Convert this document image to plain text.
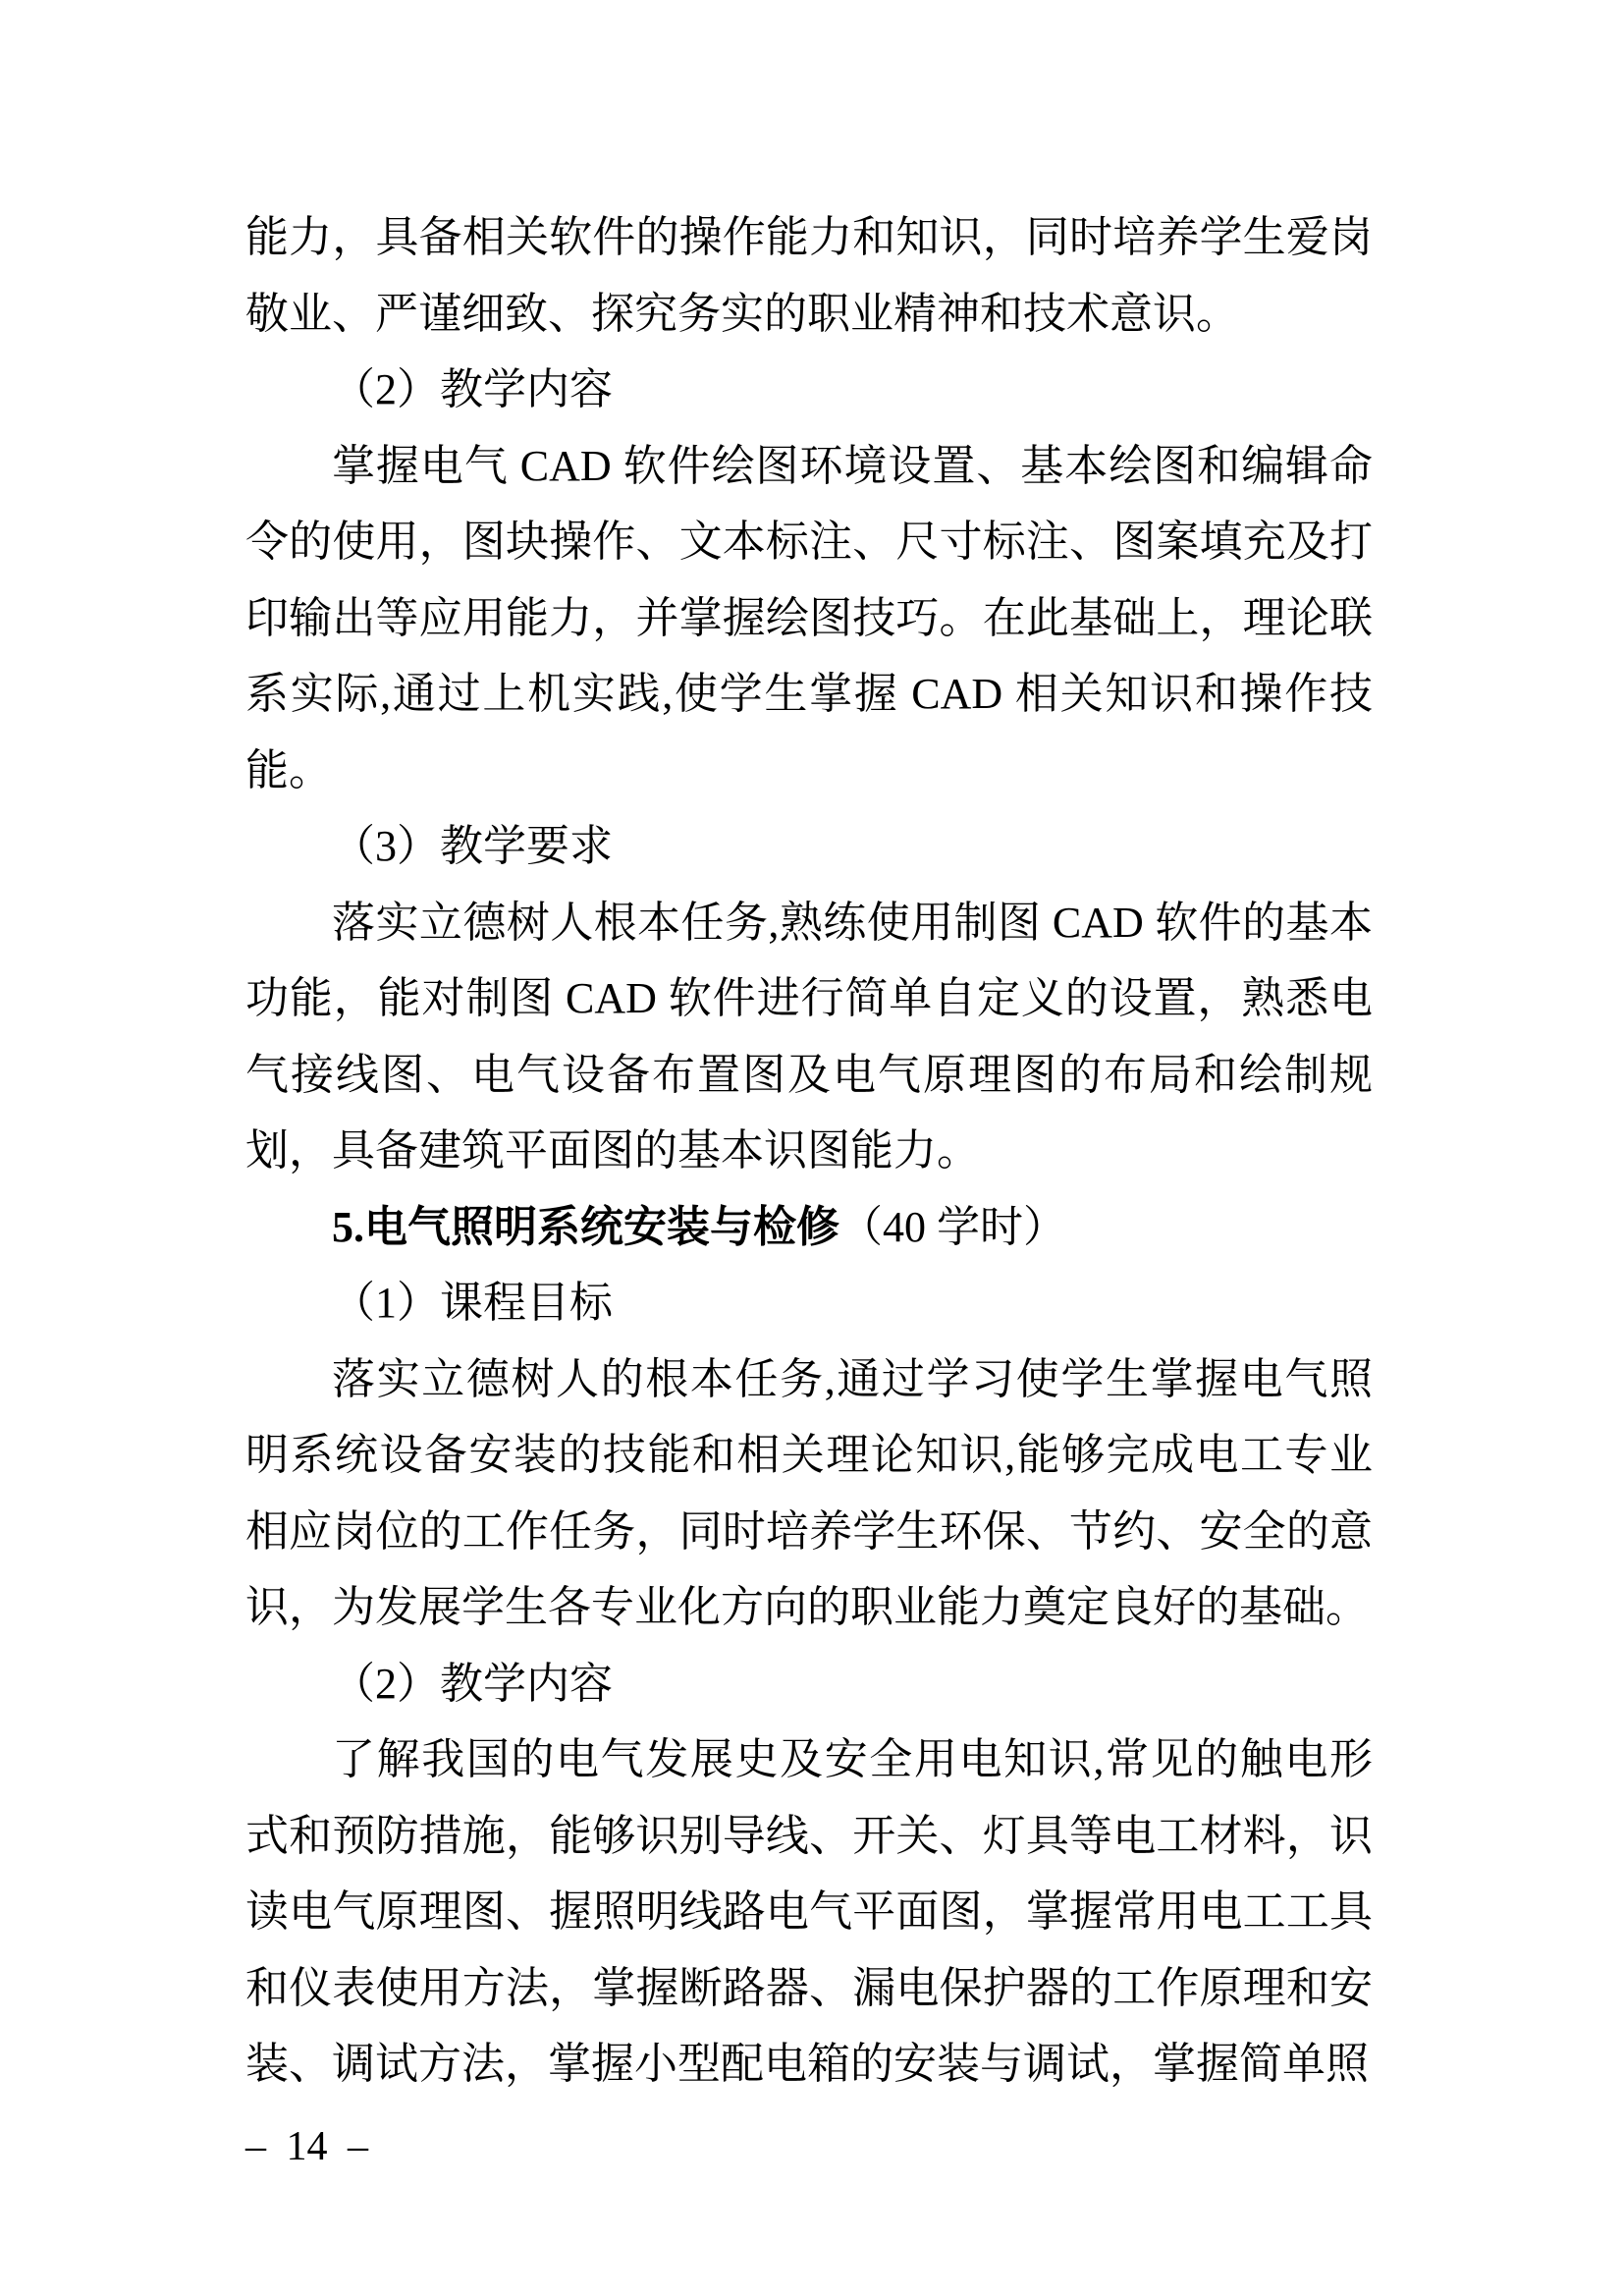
能力，具备相关软件的操作能力和知识，同时培养学生爱岗敬业、严谨细致、探究务实的职业精神和技术意识。

（2）教学内容

掌握电气 CAD 软件绘图环境设置、基本绘图和编辑命令的使用，图块操作、文本标注、尺寸标注、图案填充及打印输出等应用能力，并掌握绘图技巧。在此基础上，理论联系实际,通过上机实践,使学生掌握 CAD 相关知识和操作技能。

（3）教学要求

落实立德树人根本任务,熟练使用制图 CAD 软件的基本功能，能对制图 CAD 软件进行简单自定义的设置，熟悉电气接线图、电气设备布置图及电气原理图的布局和绘制规划，具备建筑平面图的基本识图能力。

5.电气照明系统安装与检修（40 学时）

（1）课程目标

落实立德树人的根本任务,通过学习使学生掌握电气照明系统设备安装的技能和相关理论知识,能够完成电工专业相应岗位的工作任务，同时培养学生环保、节约、安全的意识，为发展学生各专业化方向的职业能力奠定良好的基础。

（2）教学内容

了解我国的电气发展史及安全用电知识,常见的触电形式和预防措施，能够识别导线、开关、灯具等电工材料，识读电气原理图、握照明线路电气平面图，掌握常用电工工具和仪表使用方法，掌握断路器、漏电保护器的工作原理和安装、调试方法，掌握小型配电箱的安装与调试，掌握简单照

– 14 –
